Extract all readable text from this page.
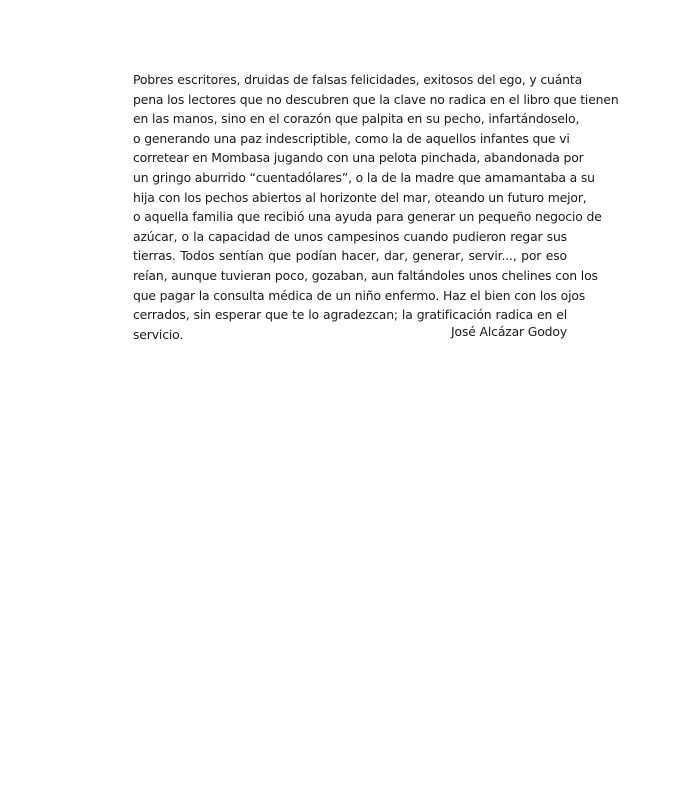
Pobres escritores, druidas de falsas felicidades, exitosos del ego, y cuánta
pena los lectores que no descubren que la clave no radica en el libro que tienen
en las manos, sino en el corazón que palpita en su pecho, infartándoselo,
o generando una paz indescriptible, como la de aquellos infantes que vi
corretear en Mombasa jugando con una pelota pinchada, abandonada por
un gringo aburrido “cuentadólares”, o la de la madre que amamantaba a su
hija con los pechos abiertos al horizonte del mar, oteando un futuro mejor,
o aquella familia que recibió una ayuda para generar un pequeño negocio de
azúcar, o la capacidad de unos campesinos cuando pudieron regar sus
tierras. Todos sentían que podían hacer, dar, generar, servir..., por eso
reían, aunque tuvieran poco, gozaban, aun faltándoles unos chelines con los
que pagar la consulta médica de un niño enfermo. Haz el bien con los ojos
cerrados, sin esperar que te lo agradezcan; la gratificación radica en el
servicio.	José Alcázar Godoy
